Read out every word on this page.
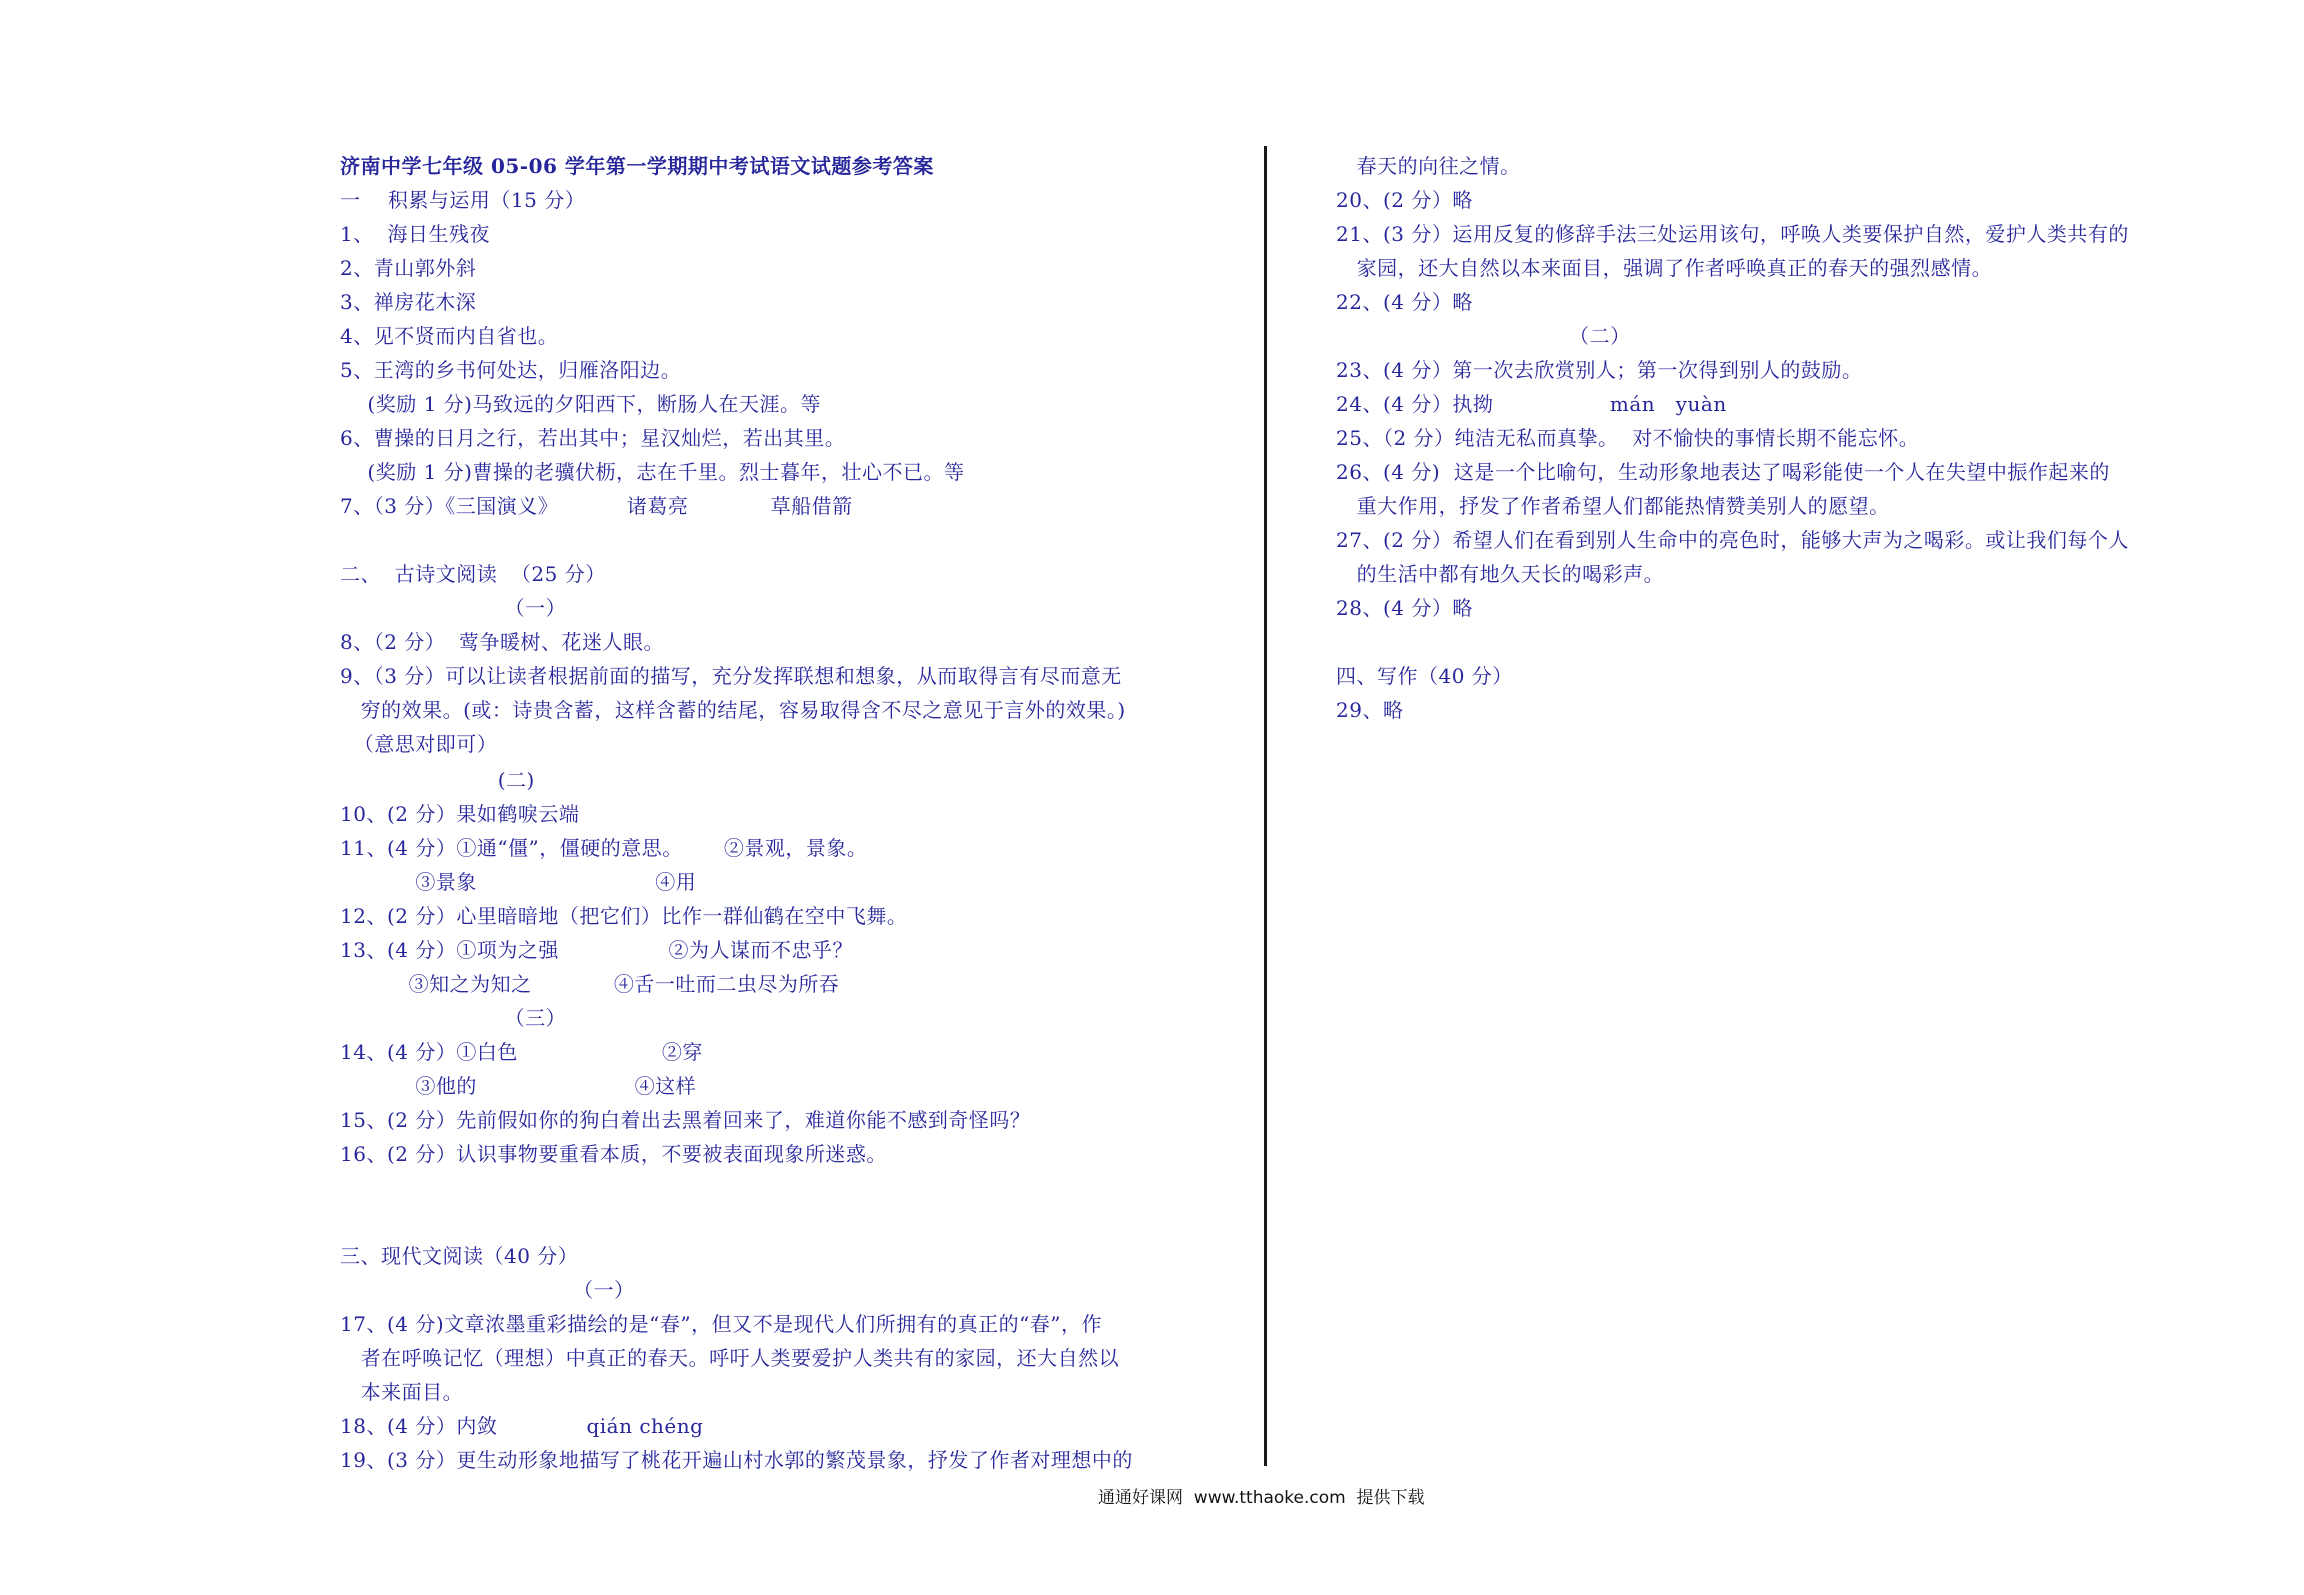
济南中学七年级 05-06 学年第一学期期中考试语文试题参考答案
一    积累与运用（15 分）
1、  海日生残夜
2、青山郭外斜
3、禅房花木深
4、见不贤而内自省也。
5、王湾的乡书何处达，归雁洛阳边。
(奖励 1 分)马致远的夕阳西下，断肠人在天涯。等
6、曹操的日月之行，若出其中；星汉灿烂，若出其里。
(奖励 1 分)曹操的老骥伏枥，志在千里。烈士暮年，壮心不已。等
7、（3 分）《三国演义》          诸葛亮            草船借箭
二、  古诗文阅读  （25 分）
（一）
8、（2 分）  莺争暖树、花迷人眼。
9、（3 分）可以让读者根据前面的描写，充分发挥联想和想象，从而取得言有尽而意无
穷的效果。(或：诗贵含蓄，这样含蓄的结尾，容易取得含不尽之意见于言外的效果。)
（意思对即可）
(二)
10、(2 分）果如鹤唳云端
11、(4 分）①通“僵”，僵硬的意思。      ②景观，景象。
③景象                          ④用
12、(2 分）心里暗暗地（把它们）比作一群仙鹤在空中飞舞。
13、(4 分）①项为之强                ②为人谋而不忠乎？
③知之为知之            ④舌一吐而二虫尽为所吞
（三）
14、(4 分）①白色                     ②穿
③他的                       ④这样
15、(2 分）先前假如你的狗白着出去黑着回来了，难道你能不感到奇怪吗？
16、(2 分）认识事物要重看本质，不要被表面现象所迷惑。
三、现代文阅读（40 分）
（一）
17、(4 分)文章浓墨重彩描绘的是“春”，但又不是现代人们所拥有的真正的“春”，作
者在呼唤记忆（理想）中真正的春天。呼吁人类要爱护人类共有的家园，还大自然以
本来面目。
18、(4 分）内敛             qián chéng
19、(3 分）更生动形象地描写了桃花开遍山村水郭的繁茂景象，抒发了作者对理想中的
春天的向往之情。
20、(2 分）略
21、(3 分）运用反复的修辞手法三处运用该句，呼唤人类要保护自然，爱护人类共有的
家园，还大自然以本来面目，强调了作者呼唤真正的春天的强烈感情。
22、(4 分）略
（二）
23、(4 分）第一次去欣赏别人；第一次得到别人的鼓励。
24、(4 分）执拗                 mán   yuàn
25、（2 分）纯洁无私而真挚。  对不愉快的事情长期不能忘怀。
26、(4 分)  这是一个比喻句，生动形象地表达了喝彩能使一个人在失望中振作起来的
重大作用，抒发了作者希望人们都能热情赞美别人的愿望。
27、(2 分）希望人们在看到别人生命中的亮色时，能够大声为之喝彩。或让我们每个人
的生活中都有地久天长的喝彩声。
28、(4 分）略
四、写作（40 分）
29、略
通通好课网  www.tthaoke.com  提供下载
